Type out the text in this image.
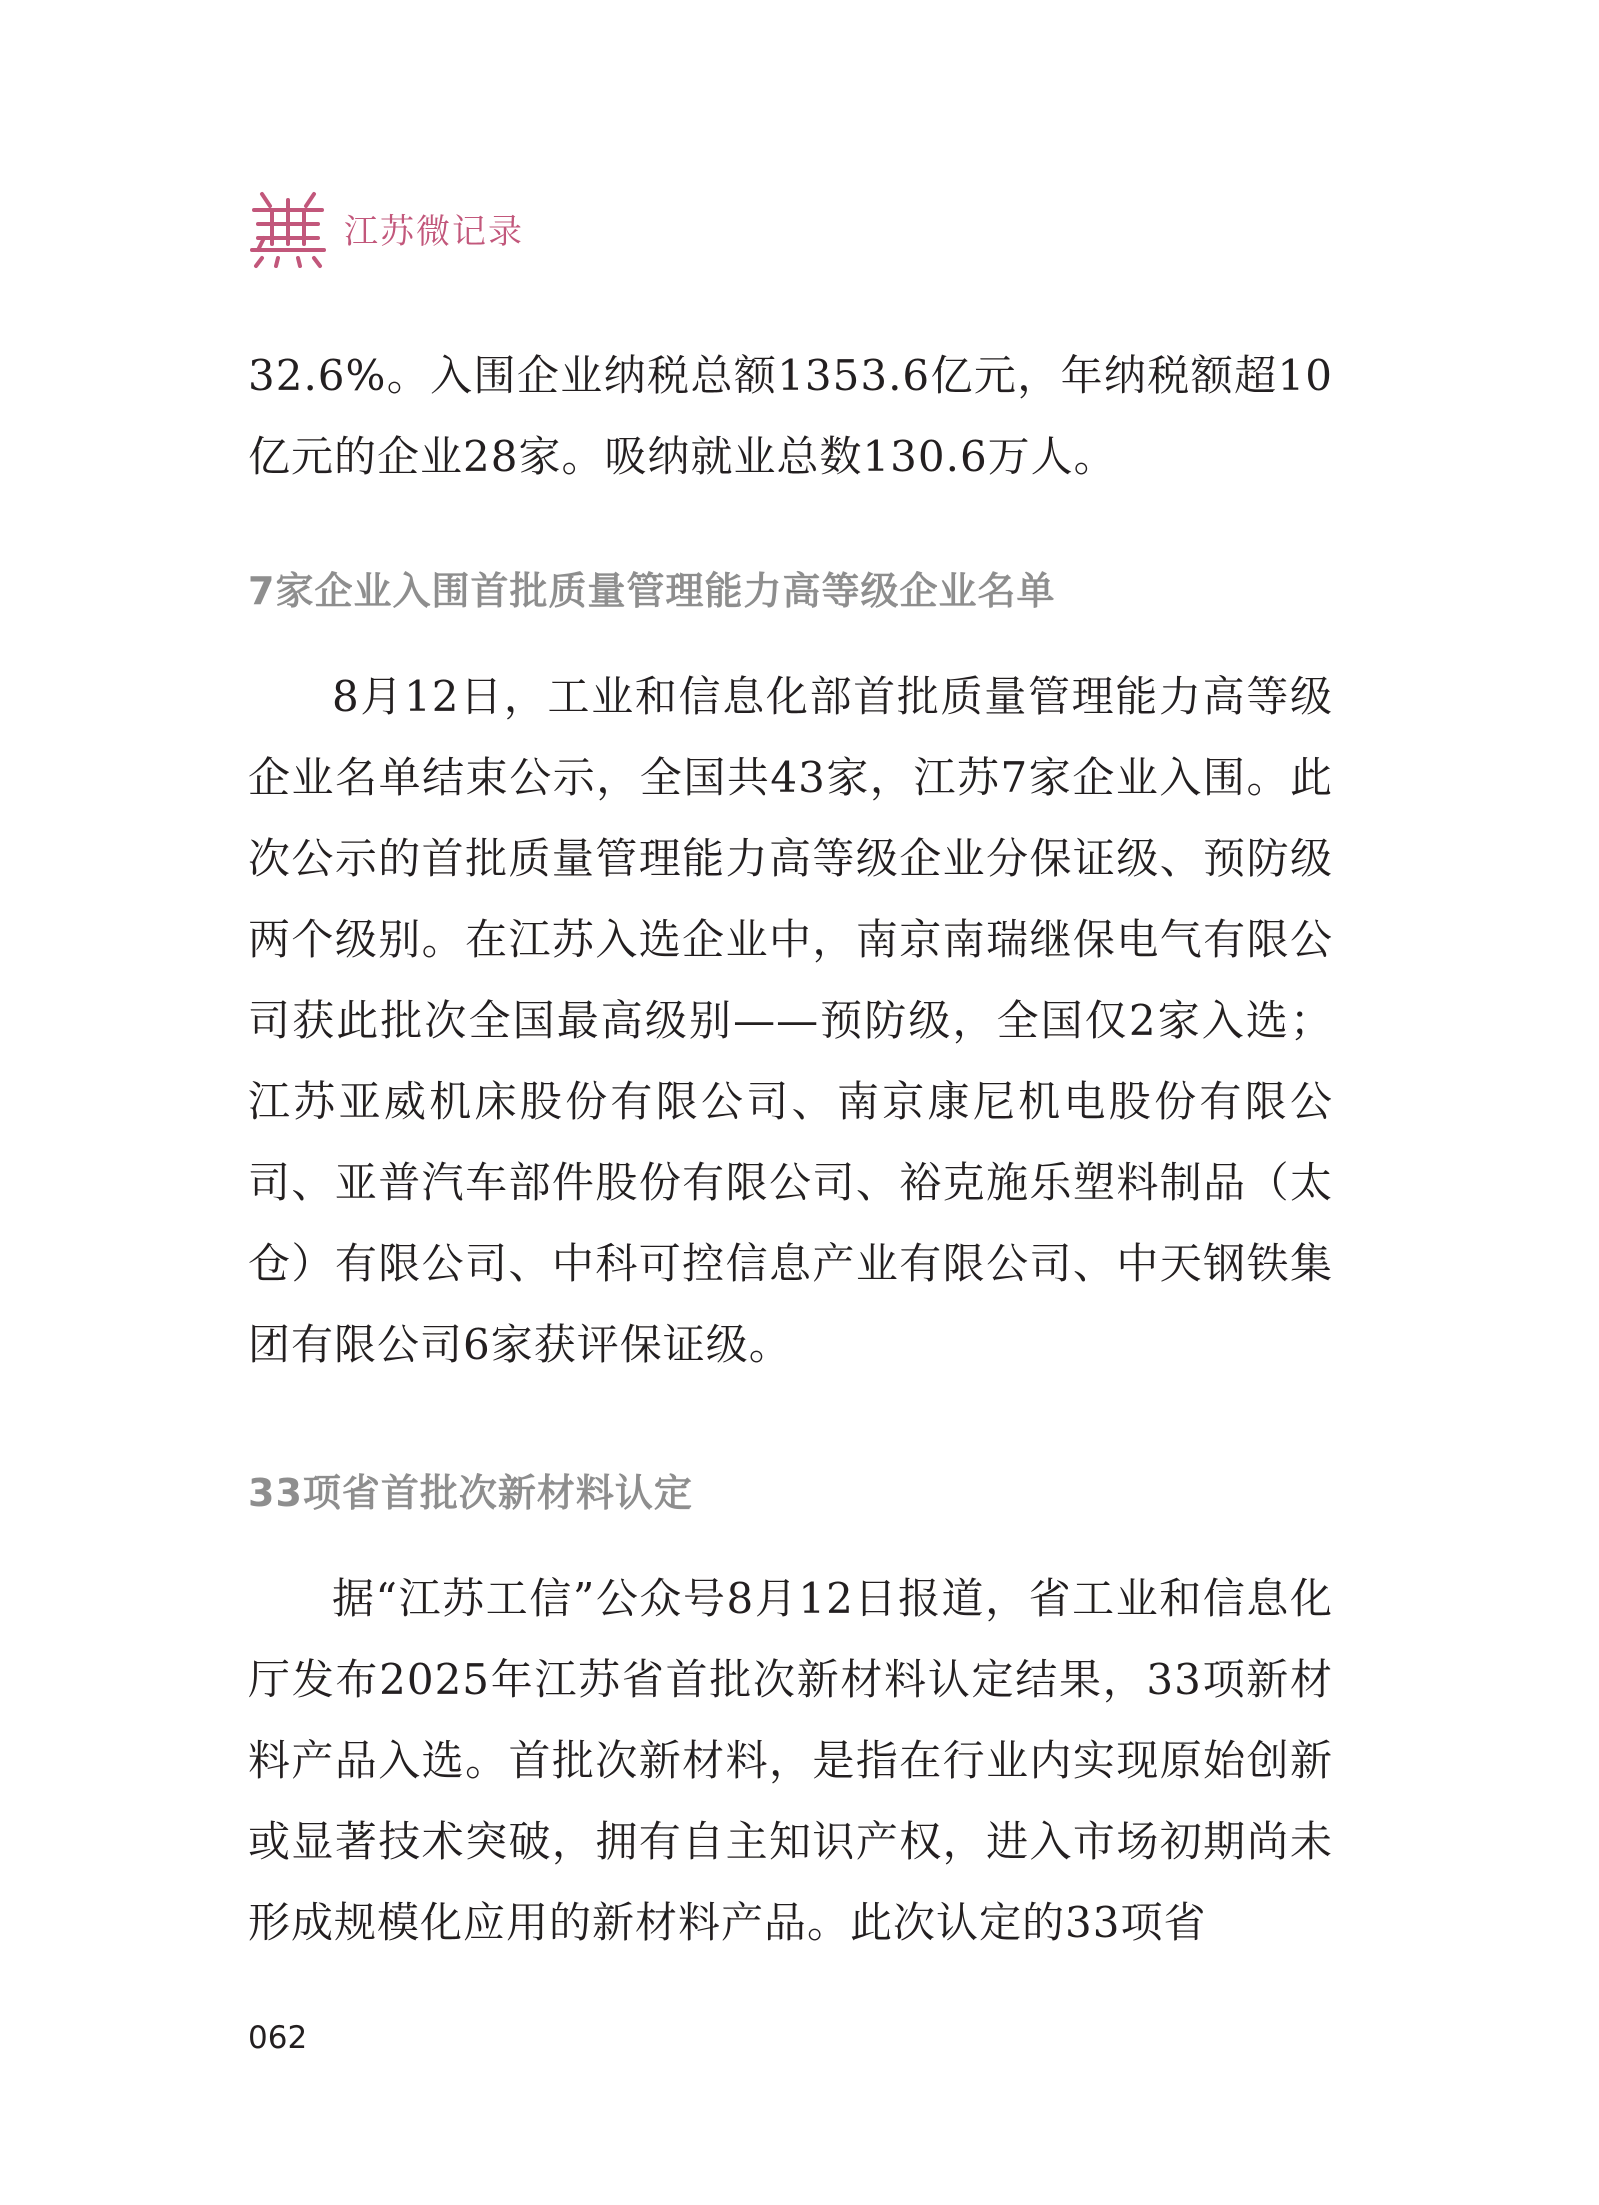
江苏微记录

32.6%。入围企业纳税总额1353.6亿元，年纳税额超10亿元的企业28家。吸纳就业总数130.6万人。

7家企业入围首批质量管理能力高等级企业名单

8月12日，工业和信息化部首批质量管理能力高等级企业名单结束公示，全国共43家，江苏7家企业入围。此次公示的首批质量管理能力高等级企业分保证级、预防级两个级别。在江苏入选企业中，南京南瑞继保电气有限公司获此批次全国最高级别——预防级，全国仅2家入选；江苏亚威机床股份有限公司、南京康尼机电股份有限公司、亚普汽车部件股份有限公司、裕克施乐塑料制品（太仓）有限公司、中科可控信息产业有限公司、中天钢铁集团有限公司6家获评保证级。

33项省首批次新材料认定

据“江苏工信”公众号8月12日报道，省工业和信息化厅发布2025年江苏省首批次新材料认定结果，33项新材料产品入选。首批次新材料，是指在行业内实现原始创新或显著技术突破，拥有自主知识产权，进入市场初期尚未形成规模化应用的新材料产品。此次认定的33项省

062
